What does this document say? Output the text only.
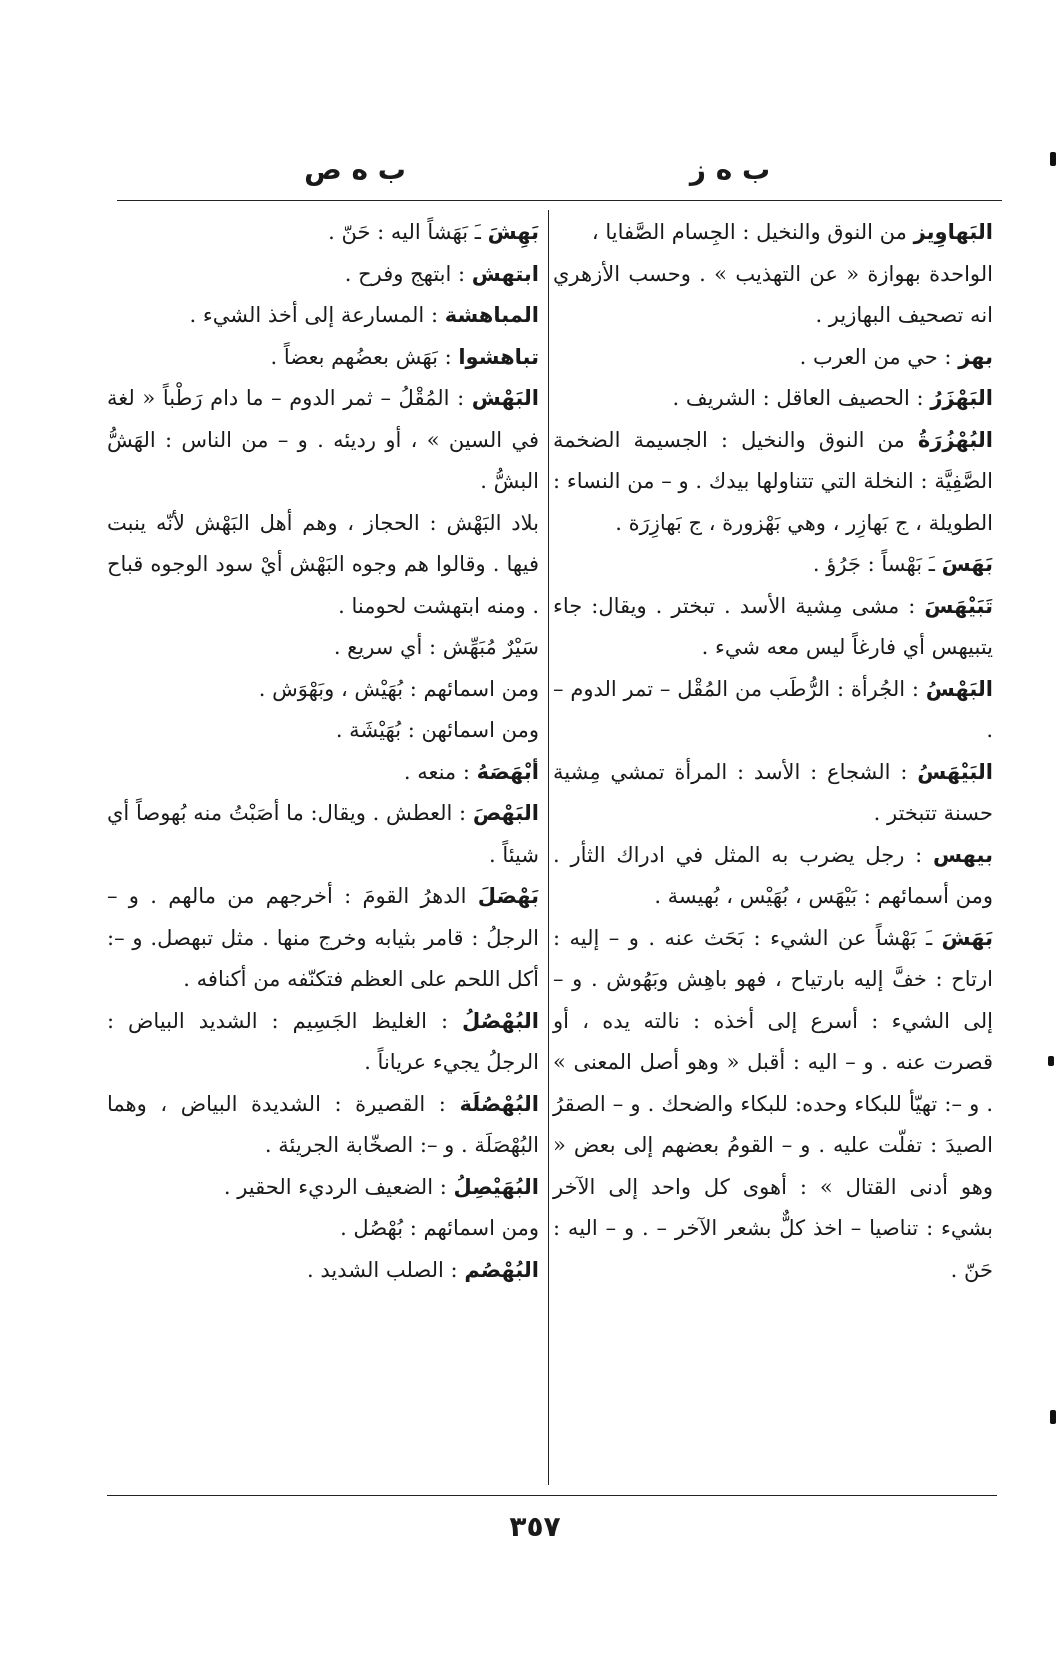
ب ه ز
ب ه ص

البَهاوِيز من النوق والنخيل : الجِسام الصَّفايا ،

الواحدة بهوازة « عن التهذيب » . وحسب الأزهري انه تصحيف البهازير .

بهز : حي من العرب .

البَهْزَرُ : الحصيف العاقل : الشريف .

البُهْزُرَةُ من النوق والنخيل : الجسيمة الضخمة الصَّفِيَّة : النخلة التي تتناولها بيدك . و – من النساء : الطويلة ، ج بَهازِر ، وهي بَهْزورة ، ج بَهازِرَة .

بَهَسَ ـَ بَهْساً : جَرُؤ .

تَبَيْهَسَ : مشى مِشية الأسد . تبختر . ويقال: جاء يتبيهس أي فارغاً ليس معه شيء .

البَهْسُ : الجُرأة : الرُّطَب من المُقْل – تمر الدوم – .

البَيْهَسُ : الشجاع : الأسد : المرأة تمشي مِشية حسنة تتبختر .

بيهس : رجل يضرب به المثل في ادراك الثأر . ومن أسمائهم : بَيْهَس ، بُهَيْس ، بُهيسة .

بَهَشَ ـَ بَهْشاً عن الشيء : بَحَث عنه . و – إليه : ارتاح : خفَّ إليه بارتياح ، فهو باهِش وبَهُوش . و – إلى الشيء : أسرع إلى أخذه : نالته يده ، أو قصرت عنه . و – اليه : أقبل « وهو أصل المعنى » . و –: تهيّأ للبكاء وحده: للبكاء والضحك . و – الصقرُ الصيدَ : تفلّت عليه . و – القومُ بعضهم إلى بعض « وهو أدنى القتال » : أهوى كل واحد إلى الآخر بشيء : تناصيا – اخذ كلٌّ بشعر الآخر – . و – اليه : حَنّ .

بَهِشَ ـَ بَهَشاً اليه : حَنّ .

ابتهش : ابتهج وفرح .

المباهشة : المسارعة إلى أخذ الشيء .

تباهشوا : بَهَش بعضُهم بعضاً .

البَهْش : المُقْلُ – ثمر الدوم – ما دام رَطْباً « لغة في السين » ، أو رديئه . و – من الناس : الهَشُّ البشُّ .

بلاد البَهْش : الحجاز ، وهم أهل البَهْش لأنّه ينبت فيها . وقالوا هم وجوه البَهْش أيْ سود الوجوه قباح . ومنه ابتهشت لحومنا .

سَيْرٌ مُبَهِّش : أي سريع .

ومن اسمائهم : بُهَيْش ، وبَهْوَش .

ومن اسمائهن : بُهَيْشَة .

أبْهَصَهُ : منعه .

البَهْصَ : العطش . ويقال: ما أصَبْتُ منه بُهوصاً أي شيئاً .

بَهْصَلَ الدهرُ القومَ : أخرجهم من مالهم . و – الرجلُ : قامر بثيابه وخرج منها . مثل تبهصل. و –: أكل اللحم على العظم فتكنّفه من أكنافه .

البُهْصُلُ : الغليظ الجَسِيم : الشديد البياض : الرجلُ يجيء عرياناً .

البُهْصُلَة : القصيرة : الشديدة البياض ، وهما البُهْصَلَة . و –: الصخّابة الجريئة .

البُهَيْصِلُ : الضعيف الرديء الحقير .

ومن اسمائهم : بُهْصُل .

البُهْصُم : الصلب الشديد .

٣٥٧
